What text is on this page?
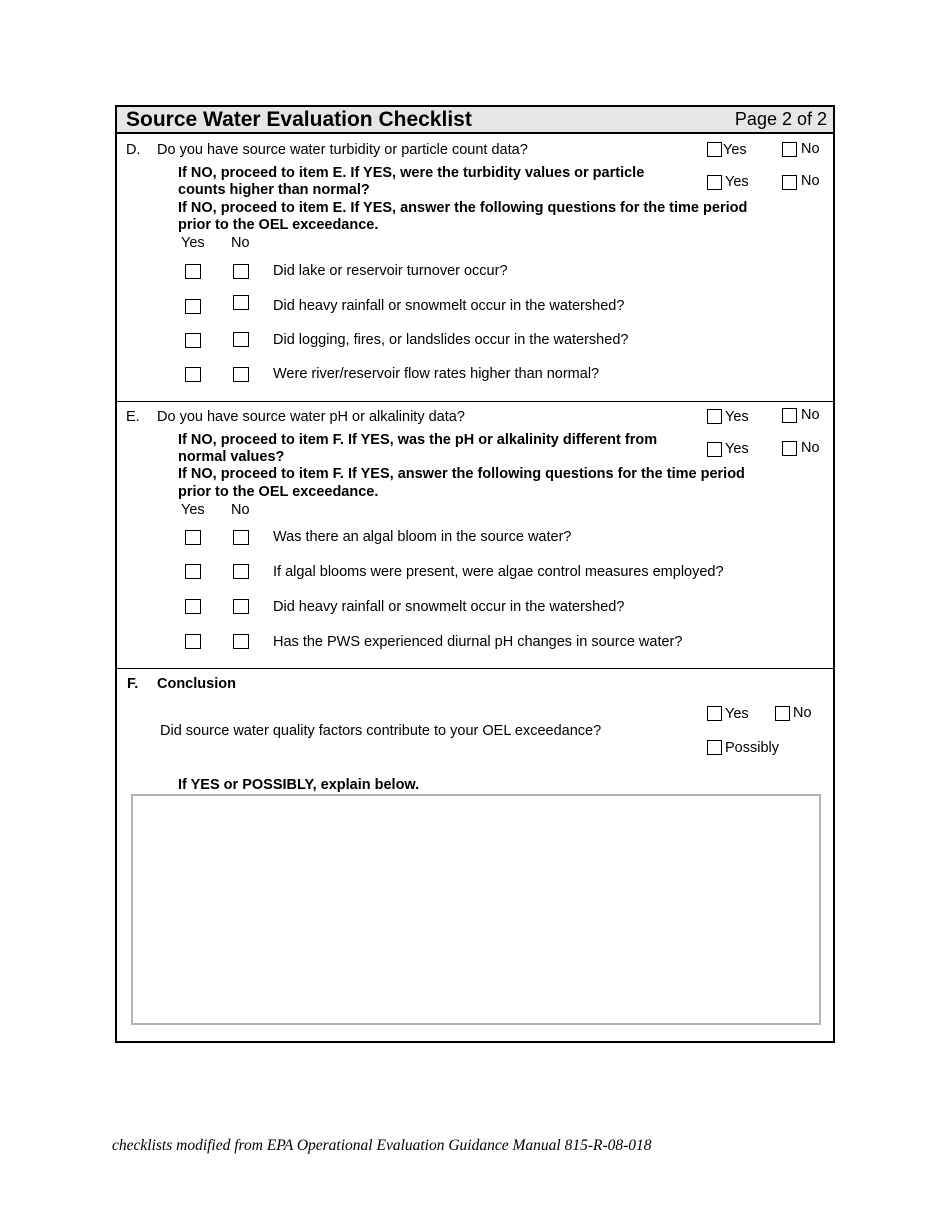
Source Water Evaluation Checklist	Page 2 of 2
D. Do you have source water turbidity or particle count data?	Yes	No
If NO, proceed to item E. If YES, were the turbidity values or particle
counts higher than normal?	Yes	No
If NO, proceed to item E. If YES, answer the following questions for the time period
prior to the OEL exceedance.
Yes No
Did lake or reservoir turnover occur?
Did heavy rainfall or snowmelt occur in the watershed?
Did logging, fires, or landslides occur in the watershed?
Were river/reservoir flow rates higher than normal?
E. Do you have source water pH or alkalinity data?	Yes	No
If NO, proceed to item F. If YES, was the pH or alkalinity different from
normal values?	Yes	No
If NO, proceed to item F. If YES, answer the following questions for the time period
prior to the OEL exceedance.
Yes No
Was there an algal bloom in the source water?
If algal blooms were present, were algae control measures employed?
Did heavy rainfall or snowmelt occur in the watershed?
Has the PWS experienced diurnal pH changes in source water?
F. Conclusion
Did source water quality factors contribute to your OEL exceedance?
Yes	No
Possibly
If YES or POSSIBLY, explain below.
checklists modified from EPA Operational Evaluation Guidance Manual 815-R-08-018
